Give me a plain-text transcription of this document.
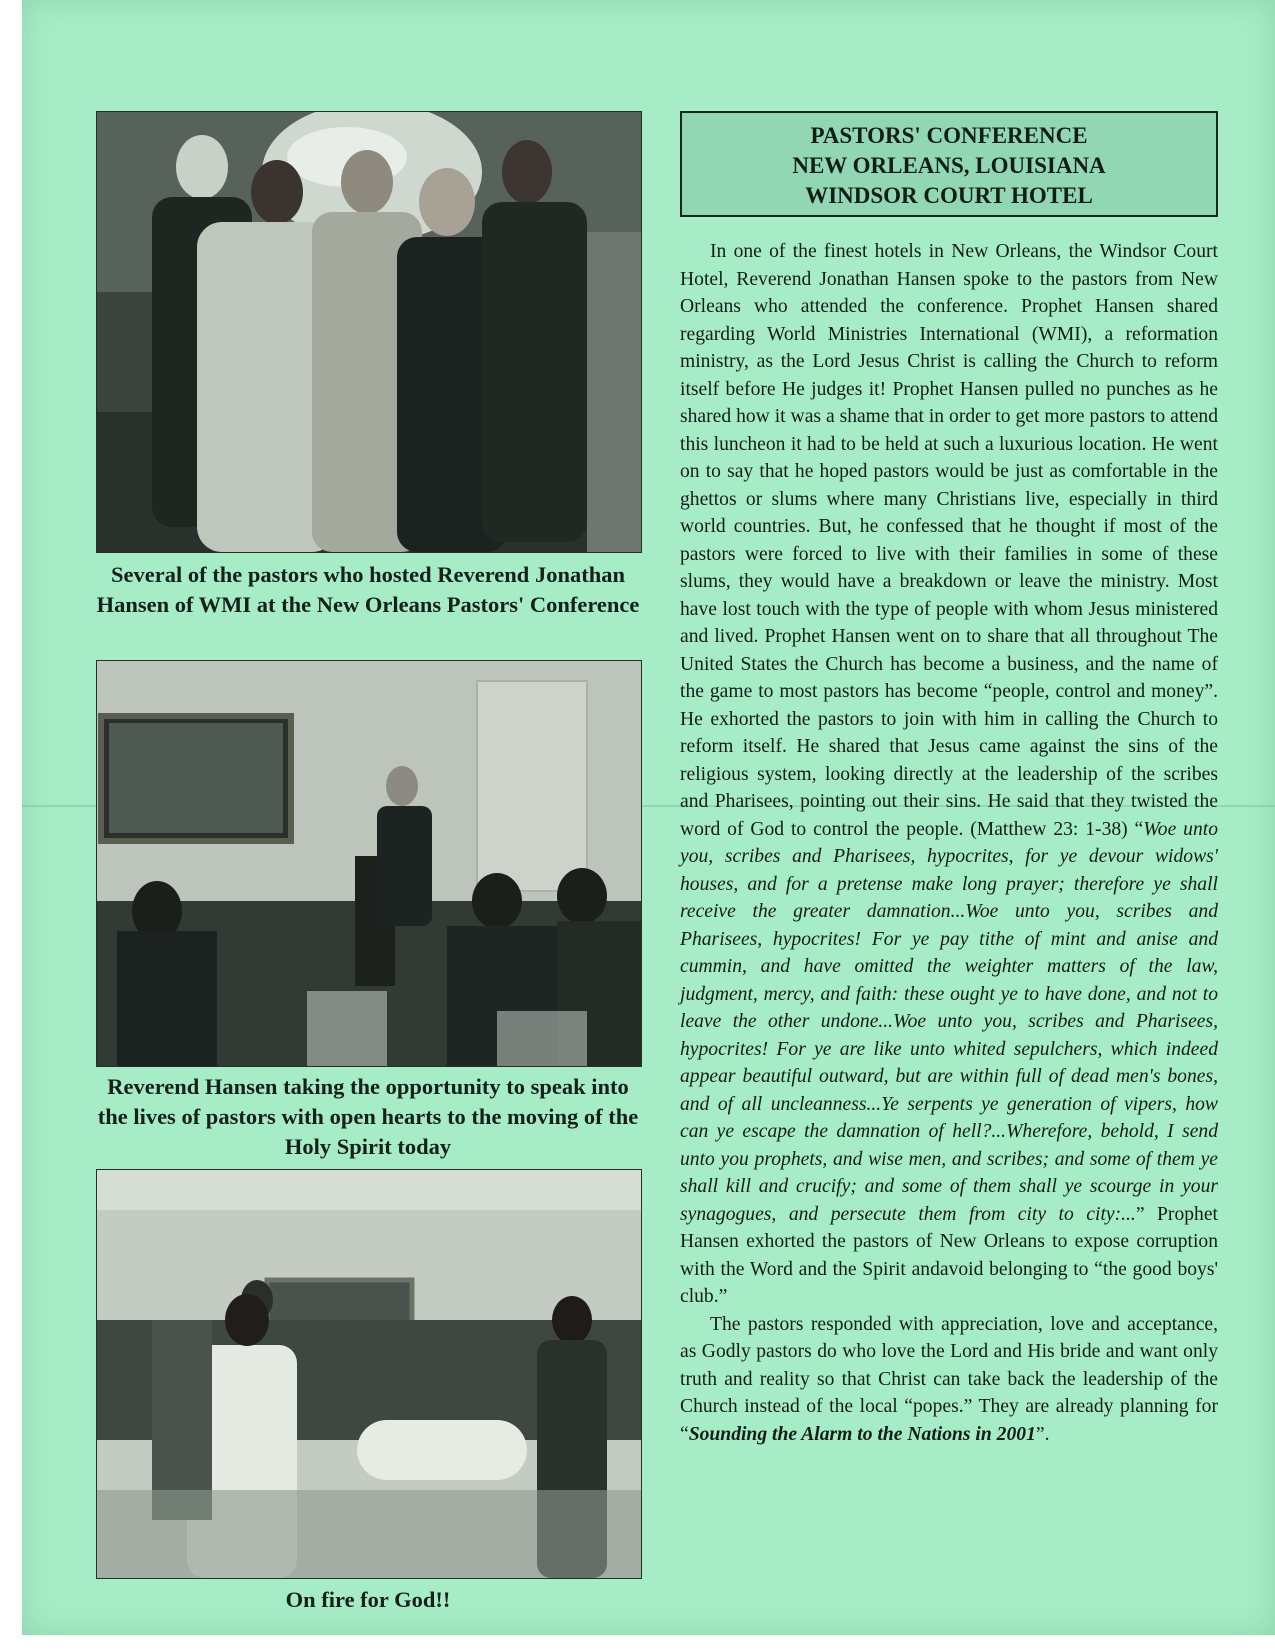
Several of the pastors who hosted Reverend Jonathan Hansen of WMI at the New Orleans Pastors' Conference
Reverend Hansen taking the opportunity to speak into the lives of pastors with open hearts to the moving of the Holy Spirit today
On fire for God!!
PASTORS' CONFERENCE
NEW ORLEANS, LOUISIANA
WINDSOR COURT HOTEL

In one of the finest hotels in New Orleans, the Windsor Court Hotel, Reverend Jonathan Hansen spoke to the pastors from New Orleans who attended the conference. Prophet Hansen shared regarding World Ministries International (WMI), a reformation ministry, as the Lord Jesus Christ is calling the Church to reform itself before He judges it! Prophet Hansen pulled no punches as he shared how it was a shame that in order to get more pastors to attend this luncheon it had to be held at such a luxurious location. He went on to say that he hoped pastors would be just as comfortable in the ghettos or slums where many Christians live, especially in third world countries. But, he confessed that he thought if most of the pastors were forced to live with their families in some of these slums, they would have a breakdown or leave the ministry. Most have lost touch with the type of people with whom Jesus ministered and lived. Prophet Hansen went on to share that all throughout The United States the Church has become a business, and the name of the game to most pastors has become “people, control and money”. He exhorted the pastors to join with him in calling the Church to reform itself. He shared that Jesus came against the sins of the religious system, looking directly at the leadership of the scribes and Pharisees, pointing out their sins. He said that they twisted the word of God to control the people. (Matthew 23: 1-38) “Woe unto you, scribes and Pharisees, hypocrites, for ye devour widows' houses, and for a pretense make long prayer; therefore ye shall receive the greater damnation...Woe unto you, scribes and Pharisees, hypocrites! For ye pay tithe of mint and anise and cummin, and have omitted the weighter matters of the law, judgment, mercy, and faith: these ought ye to have done, and not to leave the other undone...Woe unto you, scribes and Pharisees, hypocrites! For ye are like unto whited sepulchers, which indeed appear beautiful outward, but are within full of dead men's bones, and of all uncleanness...Ye serpents ye generation of vipers, how can ye escape the damnation of hell?...Wherefore, behold, I send unto you prophets, and wise men, and scribes; and some of them ye shall kill and crucify; and some of them shall ye scourge in your synagogues, and persecute them from city to city:...” Prophet Hansen exhorted the pastors of New Orleans to expose corruption with the Word and the Spirit andavoid belonging to “the good boys' club.”

The pastors responded with appreciation, love and acceptance, as Godly pastors do who love the Lord and His bride and want only truth and reality so that Christ can take back the leadership of the Church instead of the local “popes.” They are already planning for “Sounding the Alarm to the Nations in 2001”.
